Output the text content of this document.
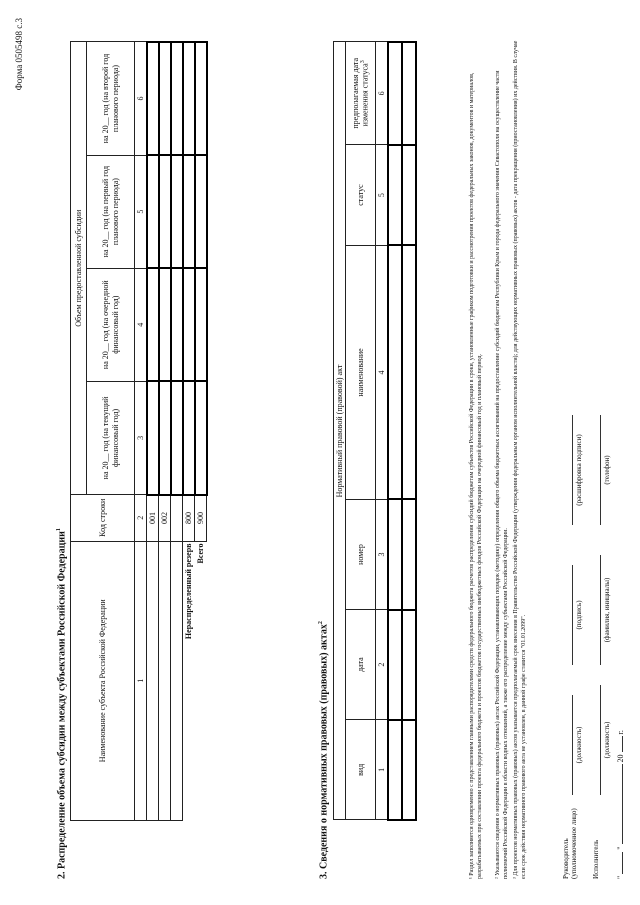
Форма 0505498 с.3
2. Распределение объема субсидии между субъектами Российской Федерации$^1$
Наименование субъекта Российской Федерации	Код строки	Объем предоставленной субсидии			
		на 20__ год (на текущий финансовый год)	на 20__ год (на очередной финансовый год)	на 20__ год (на первый год планового периода)	на 20__ год (на второй год планового периода)
1	2	3	4	5	6
	001				
	002				

Нераспределенный резерв	800				
Всего	900				
3. Сведения о нормативных правовых (правовых) актах$^2$
Нормативный правовой (правовой) акт					
вид	дата	номер	наименование	статус	предполагаемая дата изменения статуса$^3$
1	2	3	4	5	6

						¹ Раздел заполняется одновременно с представлением главными распорядителями средств федерального бюджета расчетов распределения субсидий бюджетам субъектов Российской Федерации в сроки, установленные графиком подготовки и рассмотрения проектов федеральных законов, документов и материалов, разрабатываемых при составлении проекта федерального бюджета и проектов бюджетов государственных внебюджетных фондов Российской Федерации на очередной финансовый год и плановый период. ² Указываются сведения о нормативных правовых (правовых) актах Российской Федерации, устанавливающих порядок (методику) определения общего объема бюджетных ассигнований на предоставление субсидий бюджетам Республики Крым и города федерального значения Севастополя на осуществление части полномочий Российской Федерации в области водных отношений, а также его распределение между субъектами Российской Федерации. ³ Для проектов нормативных правовых (правовых) актов указывается предполагаемый срок внесения в Правительство Российской Федерации (утверждения федеральным органом исполнительной власти); для действующих нормативных правовых (правовых) актов - дата прекращения (приостановления) их действия. В случае если срок действия нормативного правового акта не установлен, в данной графе ставится "01.01.2099".	Руководитель (уполномоченное лицо)
(должность)
(подпись)
(расшифровка подписи)
Исполнитель
(должность)
(фамилия, инициалы)
(телефон)
"  "  20  г.
